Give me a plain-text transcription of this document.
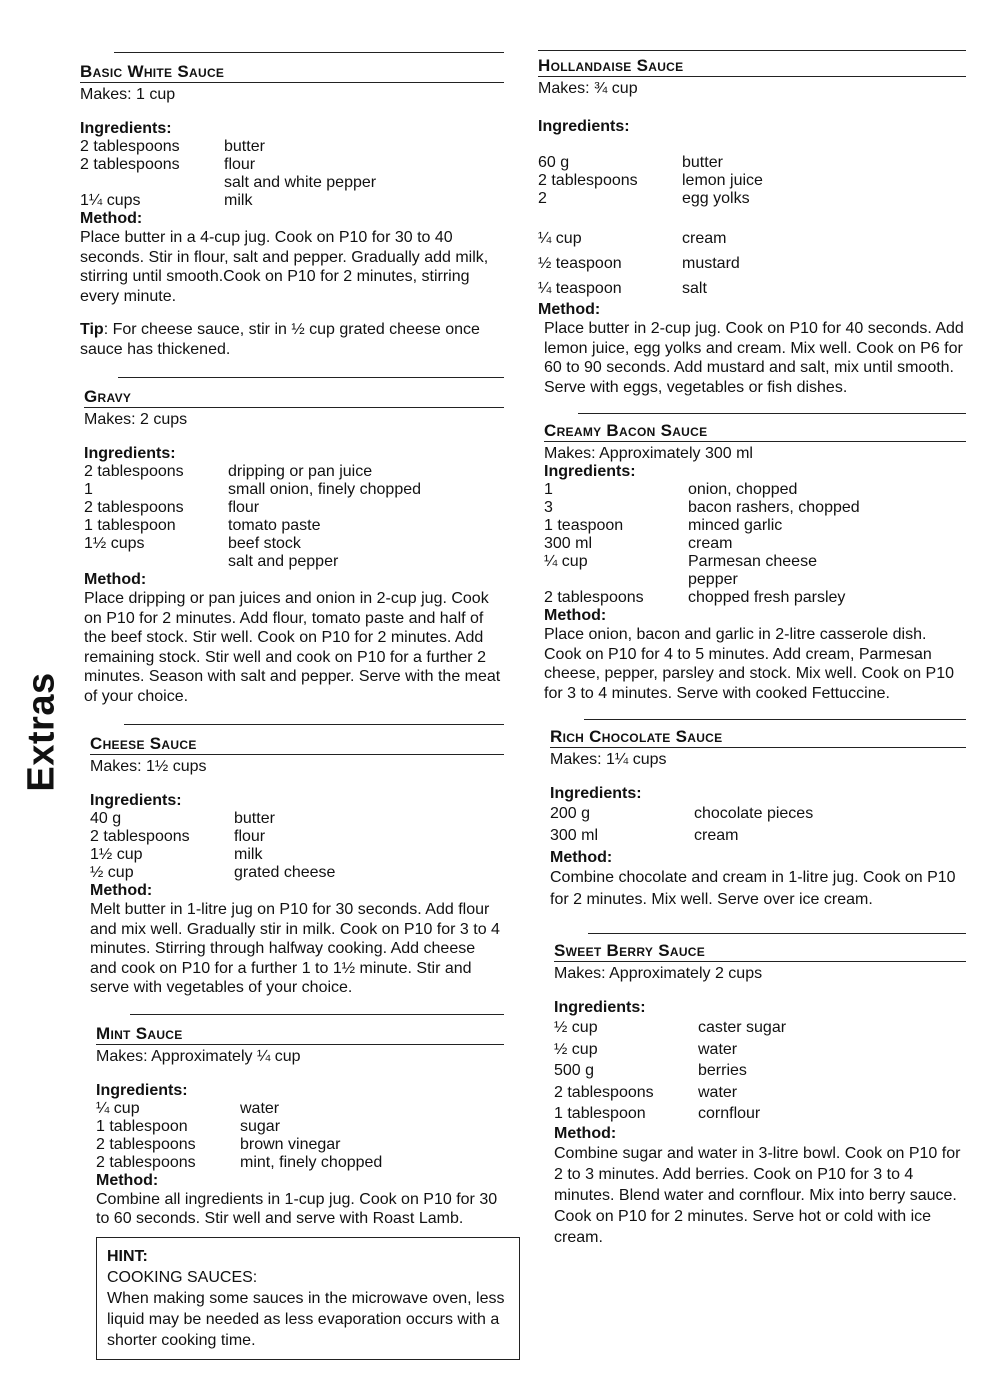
Extras
Basic White Sauce
Makes: 1 cup
Ingredients:
2 tablespoons	butter
2 tablespoons	flour
salt and white pepper
1¼ cups	milk
Method:
Place butter in a 4-cup jug. Cook on P10 for 30 to 40 seconds. Stir in flour, salt and pepper. Gradually add milk, stirring until smooth.Cook on P10 for 2 minutes, stirring every minute.
Tip: For cheese sauce, stir in ½ cup grated cheese once sauce has thickened.
Gravy
Makes: 2 cups
Ingredients:
2 tablespoons	dripping or pan juice
1	small onion, finely chopped
2 tablespoons	flour
1 tablespoon	tomato paste
1½ cups	beef stock
salt and pepper
Method:
Place dripping or pan juices and onion in 2-cup jug. Cook on P10 for 2 minutes. Add flour, tomato paste and half of the beef stock. Stir well. Cook on P10 for 2 minutes. Add remaining stock. Stir well and cook on P10 for a further 2 minutes. Season with salt and pepper. Serve with the meat of your choice.
Cheese Sauce
Makes: 1½ cups
Ingredients:
40 g	butter
2 tablespoons	flour
1½ cup	milk
½ cup	grated cheese
Method:
Melt butter in 1-litre jug on P10 for 30 seconds. Add flour and mix well. Gradually stir in milk. Cook on P10 for 3 to 4 minutes. Stirring through halfway cooking. Add cheese and cook on P10 for a further 1 to 1½ minute. Stir and serve with vegetables of your choice.
Mint Sauce
Makes: Approximately ¼ cup
Ingredients:
¼ cup	water
1 tablespoon	sugar
2 tablespoons	brown vinegar
2 tablespoons	mint, finely chopped
Method:
Combine all ingredients in 1-cup jug. Cook on P10 for 30 to 60 seconds. Stir well and serve with Roast Lamb.
HINT:
COOKING SAUCES:
When making some sauces in the microwave oven, less liquid may be needed as less evaporation occurs with a shorter cooking time.
Hollandaise Sauce
Makes: ¾ cup
Ingredients:
60 g	butter
2 tablespoons	lemon juice
2	egg yolks
¼ cup	cream
½ teaspoon	mustard
¼ teaspoon	salt
Method:
Place butter in 2-cup jug. Cook on P10 for 40 seconds. Add lemon juice, egg yolks and cream. Mix well. Cook on P6 for 60 to 90 seconds. Add mustard and salt, mix until smooth. Serve with eggs, vegetables or fish dishes.
Creamy Bacon Sauce
Makes: Approximately 300 ml
Ingredients:
1	onion, chopped
3	bacon rashers, chopped
1 teaspoon	minced garlic
300 ml	cream
¼ cup	Parmesan cheese
pepper
2 tablespoons	chopped fresh parsley
Method:
Place onion, bacon and garlic in 2-litre casserole dish. Cook on P10 for 4 to 5 minutes. Add cream, Parmesan cheese, pepper, parsley and stock. Mix well. Cook on P10 for 3 to 4 minutes. Serve with cooked Fettuccine.
Rich Chocolate Sauce
Makes: 1¼ cups
Ingredients:
200 g	chocolate pieces
300 ml	cream
Method:
Combine chocolate and cream in 1-litre jug. Cook on P10 for 2 minutes. Mix well. Serve over ice cream.
Sweet Berry Sauce
Makes: Approximately 2 cups
Ingredients:
½ cup	caster sugar
½ cup	water
500 g	berries
2 tablespoons	water
1 tablespoon	cornflour
Method:
Combine sugar and water in 3-litre bowl. Cook on P10 for 2 to 3 minutes. Add berries. Cook on P10 for 3 to 4 minutes. Blend water and cornflour. Mix into berry sauce. Cook on P10 for 2 minutes. Serve hot or cold with ice cream.
